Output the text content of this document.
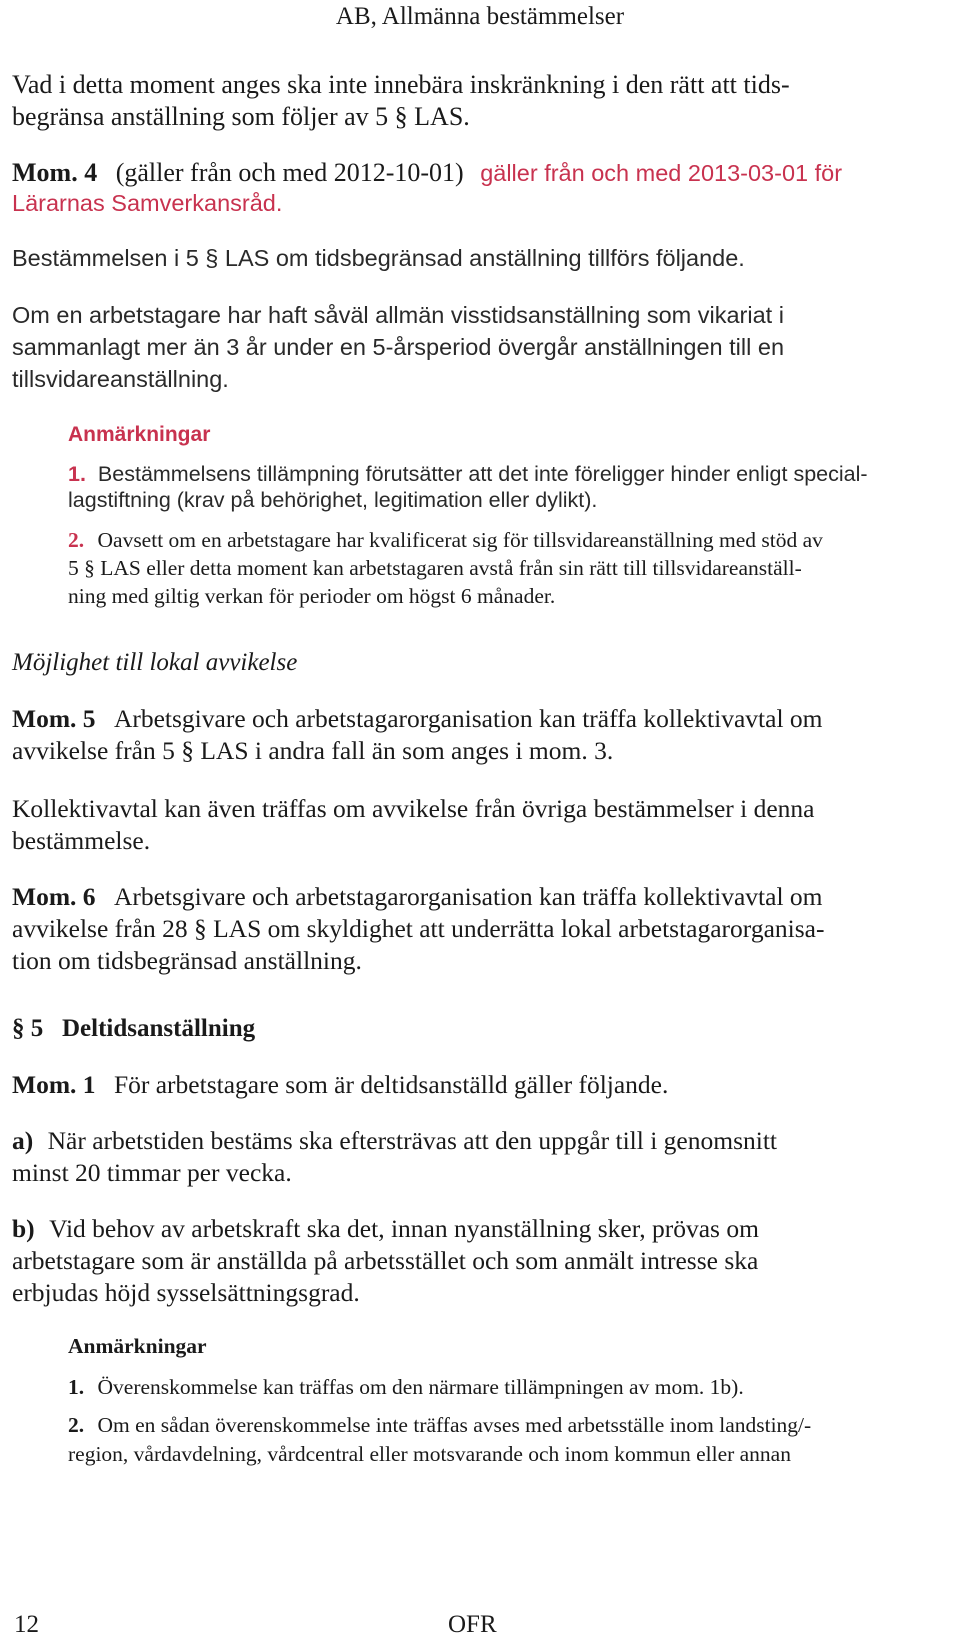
AB, Allmänna bestämmelser
Vad i detta moment anges ska inte innebära inskränkning i den rätt att tids-
begränsa anställning som följer av 5 § LAS.
Mom. 4 (gäller från och med 2012-10-01) gäller från och med 2013-03-01 för
Lärarnas Samverkansråd.
Bestämmelsen i 5 § LAS om tidsbegränsad anställning tillförs följande.
Om en arbetstagare har haft såväl allmän visstidsanställning som vikariat i
sammanlagt mer än 3 år under en 5-årsperiod övergår anställningen till en
tillsvidareanställning.
Anmärkningar
1. Bestämmelsens tillämpning förutsätter att det inte föreligger hinder enligt special-
lagstiftning (krav på behörighet, legitimation eller dylikt).
2. Oavsett om en arbetstagare har kvalificerat sig för tillsvidareanställning med stöd av
5 § LAS eller detta moment kan arbetstagaren avstå från sin rätt till tillsvidareanställ-
ning med giltig verkan för perioder om högst 6 månader.
Möjlighet till lokal avvikelse
Mom. 5 Arbetsgivare och arbetstagarorganisation kan träffa kollektivavtal om
avvikelse från 5 § LAS i andra fall än som anges i mom. 3.
Kollektivavtal kan även träffas om avvikelse från övriga bestämmelser i denna
bestämmelse.
Mom. 6 Arbetsgivare och arbetstagarorganisation kan träffa kollektivavtal om
avvikelse från 28 § LAS om skyldighet att underrätta lokal arbetstagarorganisa-
tion om tidsbegränsad anställning.
§ 5   Deltidsanställning
Mom. 1 För arbetstagare som är deltidsanställd gäller följande.
a) När arbetstiden bestäms ska eftersträvas att den uppgår till i genomsnitt
minst 20 timmar per vecka.
b) Vid behov av arbetskraft ska det, innan nyanställning sker, prövas om
arbetstagare som är anställda på arbetsstället och som anmält intresse ska
erbjudas höjd sysselsättningsgrad.
Anmärkningar
1. Överenskommelse kan träffas om den närmare tillämpningen av mom. 1b).
2. Om en sådan överenskommelse inte träffas avses med arbetsställe inom landsting/-
region, vårdavdelning, vårdcentral eller motsvarande och inom kommun eller annan
12	OFR
